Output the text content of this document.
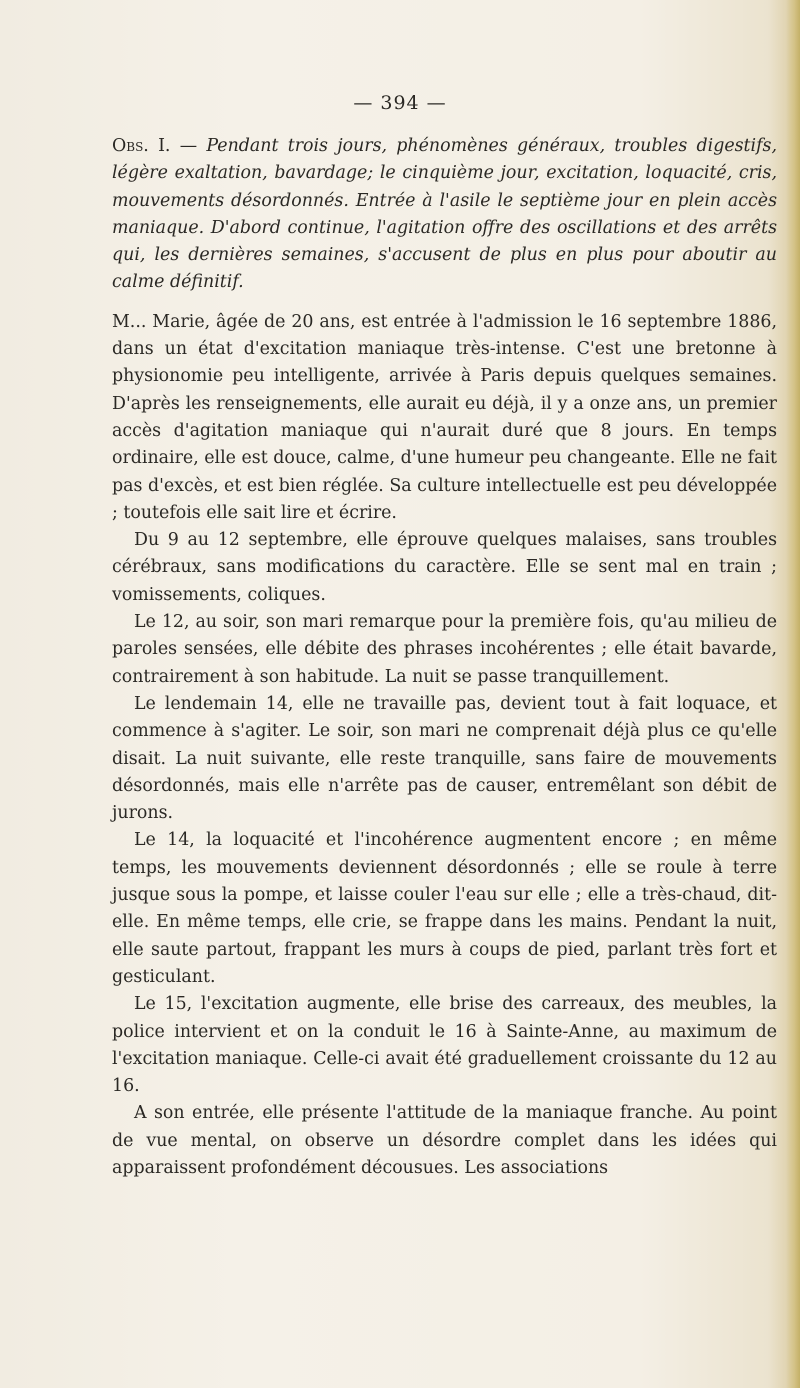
— 394 —

Obs. I. — Pendant trois jours, phénomènes généraux, troubles digestifs, légère exaltation, bavardage; le cinquième jour, excitation, loquacité, cris, mouvements désordonnés. Entrée à l'asile le septième jour en plein accès maniaque. D'abord continue, l'agitation offre des oscillations et des arrêts qui, les dernières semaines, s'accusent de plus en plus pour aboutir au calme définitif.

M... Marie, âgée de 20 ans, est entrée à l'admission le 16 septembre 1886, dans un état d'excitation maniaque très-intense. C'est une bretonne à physionomie peu intelligente, arrivée à Paris depuis quelques semaines. D'après les renseignements, elle aurait eu déjà, il y a onze ans, un premier accès d'agitation maniaque qui n'aurait duré que 8 jours. En temps ordinaire, elle est douce, calme, d'une humeur peu changeante. Elle ne fait pas d'excès, et est bien réglée. Sa culture intellectuelle est peu développée ; toutefois elle sait lire et écrire.

Du 9 au 12 septembre, elle éprouve quelques malaises, sans troubles cérébraux, sans modifications du caractère. Elle se sent mal en train ; vomissements, coliques.

Le 12, au soir, son mari remarque pour la première fois, qu'au milieu de paroles sensées, elle débite des phrases incohérentes ; elle était bavarde, contrairement à son habitude. La nuit se passe tranquillement.

Le lendemain 14, elle ne travaille pas, devient tout à fait loquace, et commence à s'agiter. Le soir, son mari ne comprenait déjà plus ce qu'elle disait. La nuit suivante, elle reste tranquille, sans faire de mouvements désordonnés, mais elle n'arrête pas de causer, entremêlant son débit de jurons.

Le 14, la loquacité et l'incohérence augmentent encore ; en même temps, les mouvements deviennent désordonnés ; elle se roule à terre jusque sous la pompe, et laisse couler l'eau sur elle ; elle a très-chaud, dit-elle. En même temps, elle crie, se frappe dans les mains. Pendant la nuit, elle saute partout, frappant les murs à coups de pied, parlant très fort et gesticulant.

Le 15, l'excitation augmente, elle brise des carreaux, des meubles, la police intervient et on la conduit le 16 à Sainte-Anne, au maximum de l'excitation maniaque. Celle-ci avait été graduellement croissante du 12 au 16.

A son entrée, elle présente l'attitude de la maniaque franche. Au point de vue mental, on observe un désordre complet dans les idées qui apparaissent profondément décousues. Les associations
